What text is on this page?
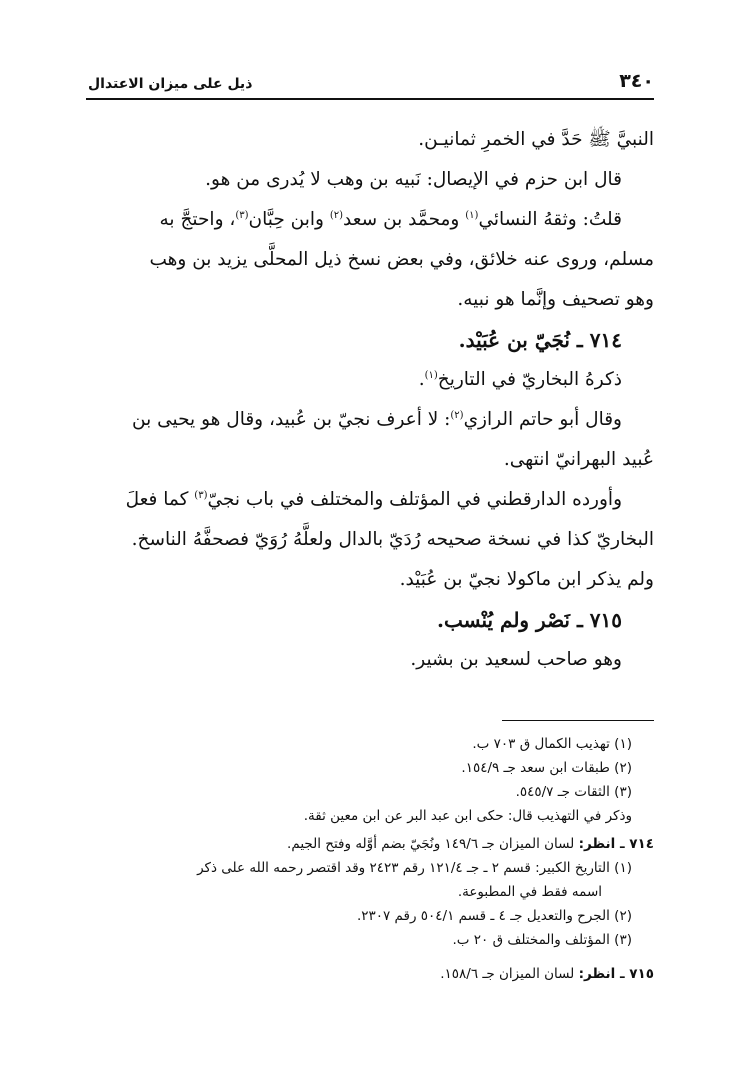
٣٤٠
ذيل على ميزان الاعتدال
النبيَّ ﷺ حَدَّ في الخمرِ ثمانيـن.
قال ابن حزم في الإيصال: نَبيه بن وهب لا يُدرى من هو.
قلتُ: وثقهُ النسائي$^{(١)}$ ومحمَّد بن سعد$^{(٢)}$ وابن حِبَّان$^{(٣)}$، واحتجَّ به
مسلم، وروى عنه خلائق، وفي بعض نسخ ذيل المحلَّى يزيد بن وهب
وهو تصحيف وإنَّما هو نبيه.
٧١٤ ـ نُجَيّ بن عُبَيْد.
ذكرهُ البخاريّ في التاريخ$^{(١)}$.
وقال أبو حاتم الرازي$^{(٢)}$: لا أعرف نجيّ بن عُبيد، وقال هو يحيى بن
عُبيد البهرانيّ انتهى.
وأورده الدارقطني في المؤتلف والمختلف في باب نجيّ$^{(٣)}$ كما فعلَ
البخاريّ كذا في نسخة صحيحه رُدَيّ بالدال ولعلَّهُ رُوَيّ فصحفَّهُ الناسخ.
ولم يذكر ابن ماكولا نجيّ بن عُبَيْد.
٧١٥ ـ نَصْر ولم يُنْسب.
وهو صاحب لسعيد بن بشير.
(١) تهذيب الكمال ق ٧٠٣ ب.
(٢) طبقات ابن سعد جـ ١٥٤/٩.
(٣) الثقات جـ ٥٤٥/٧.
وذكر في التهذيب قال: حكى ابن عبد البر عن ابن معين ثقة.
٧١٤ ـ انظر: لسان الميزان جـ ١٤٩/٦ ونُجَيّ بضم أوَّله وفتح الجيم.
(١) التاريخ الكبير: قسم ٢ ـ جـ ١٢١/٤ رقم ٢٤٢٣ وقد اقتصر رحمه الله على ذكر
اسمه فقط في المطبوعة.
(٢) الجرح والتعديل جـ ٤ ـ قسم ٥٠٤/١ رقم ٢٣٠٧.
(٣) المؤتلف والمختلف ق ٢٠ ب.
٧١٥ ـ انظر: لسان الميزان جـ ١٥٨/٦.
